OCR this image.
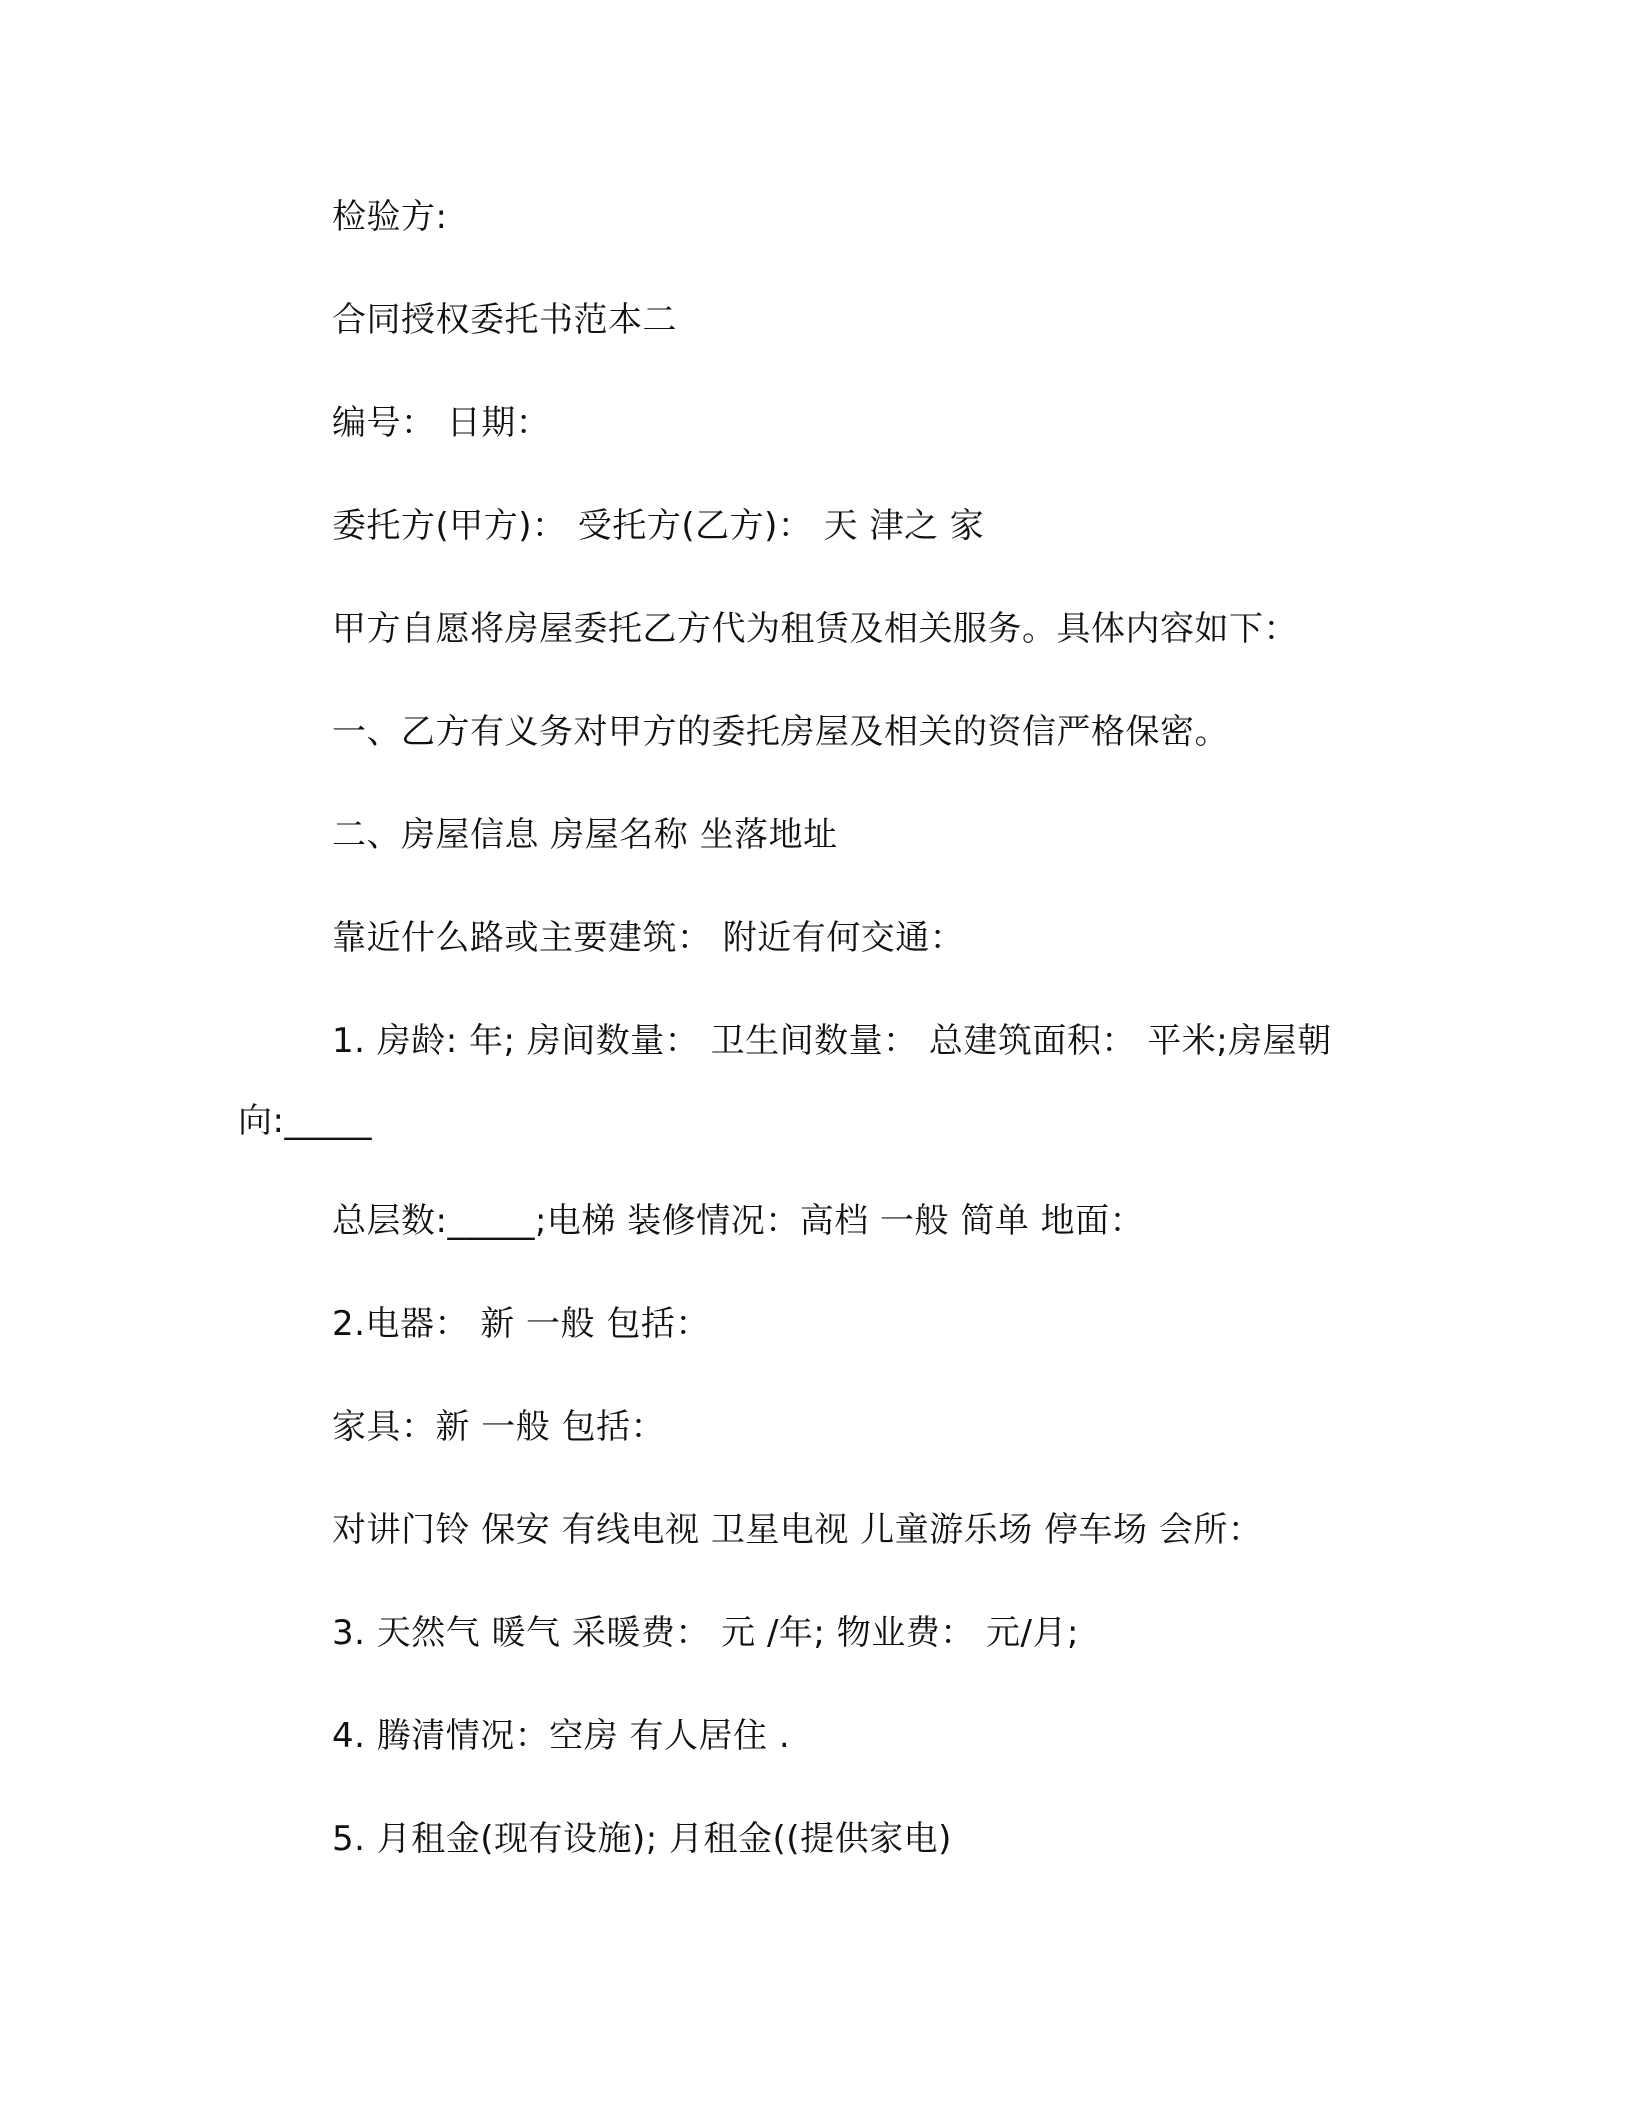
检验方:
合同授权委托书范本二
编号： 日期：
委托方(甲方)： 受托方(乙方)： 天 津之 家
甲方自愿将房屋委托乙方代为租赁及相关服务。具体内容如下：
一、乙方有义务对甲方的委托房屋及相关的资信严格保密。
二、房屋信息 房屋名称 坐落地址
靠近什么路或主要建筑： 附近有何交通：
1. 房龄: 年; 房间数量： 卫生间数量： 总建筑面积： 平米;房屋朝
向:_____
总层数:_____;电梯 装修情况：高档 一般 简单 地面：
2.电器： 新 一般 包括：
家具：新 一般 包括：
对讲门铃 保安 有线电视 卫星电视 儿童游乐场 停车场 会所：
3. 天然气 暖气 采暖费： 元 /年; 物业费： 元/月;
4. 腾清情况：空房 有人居住 .
5. 月租金(现有设施); 月租金((提供家电)
